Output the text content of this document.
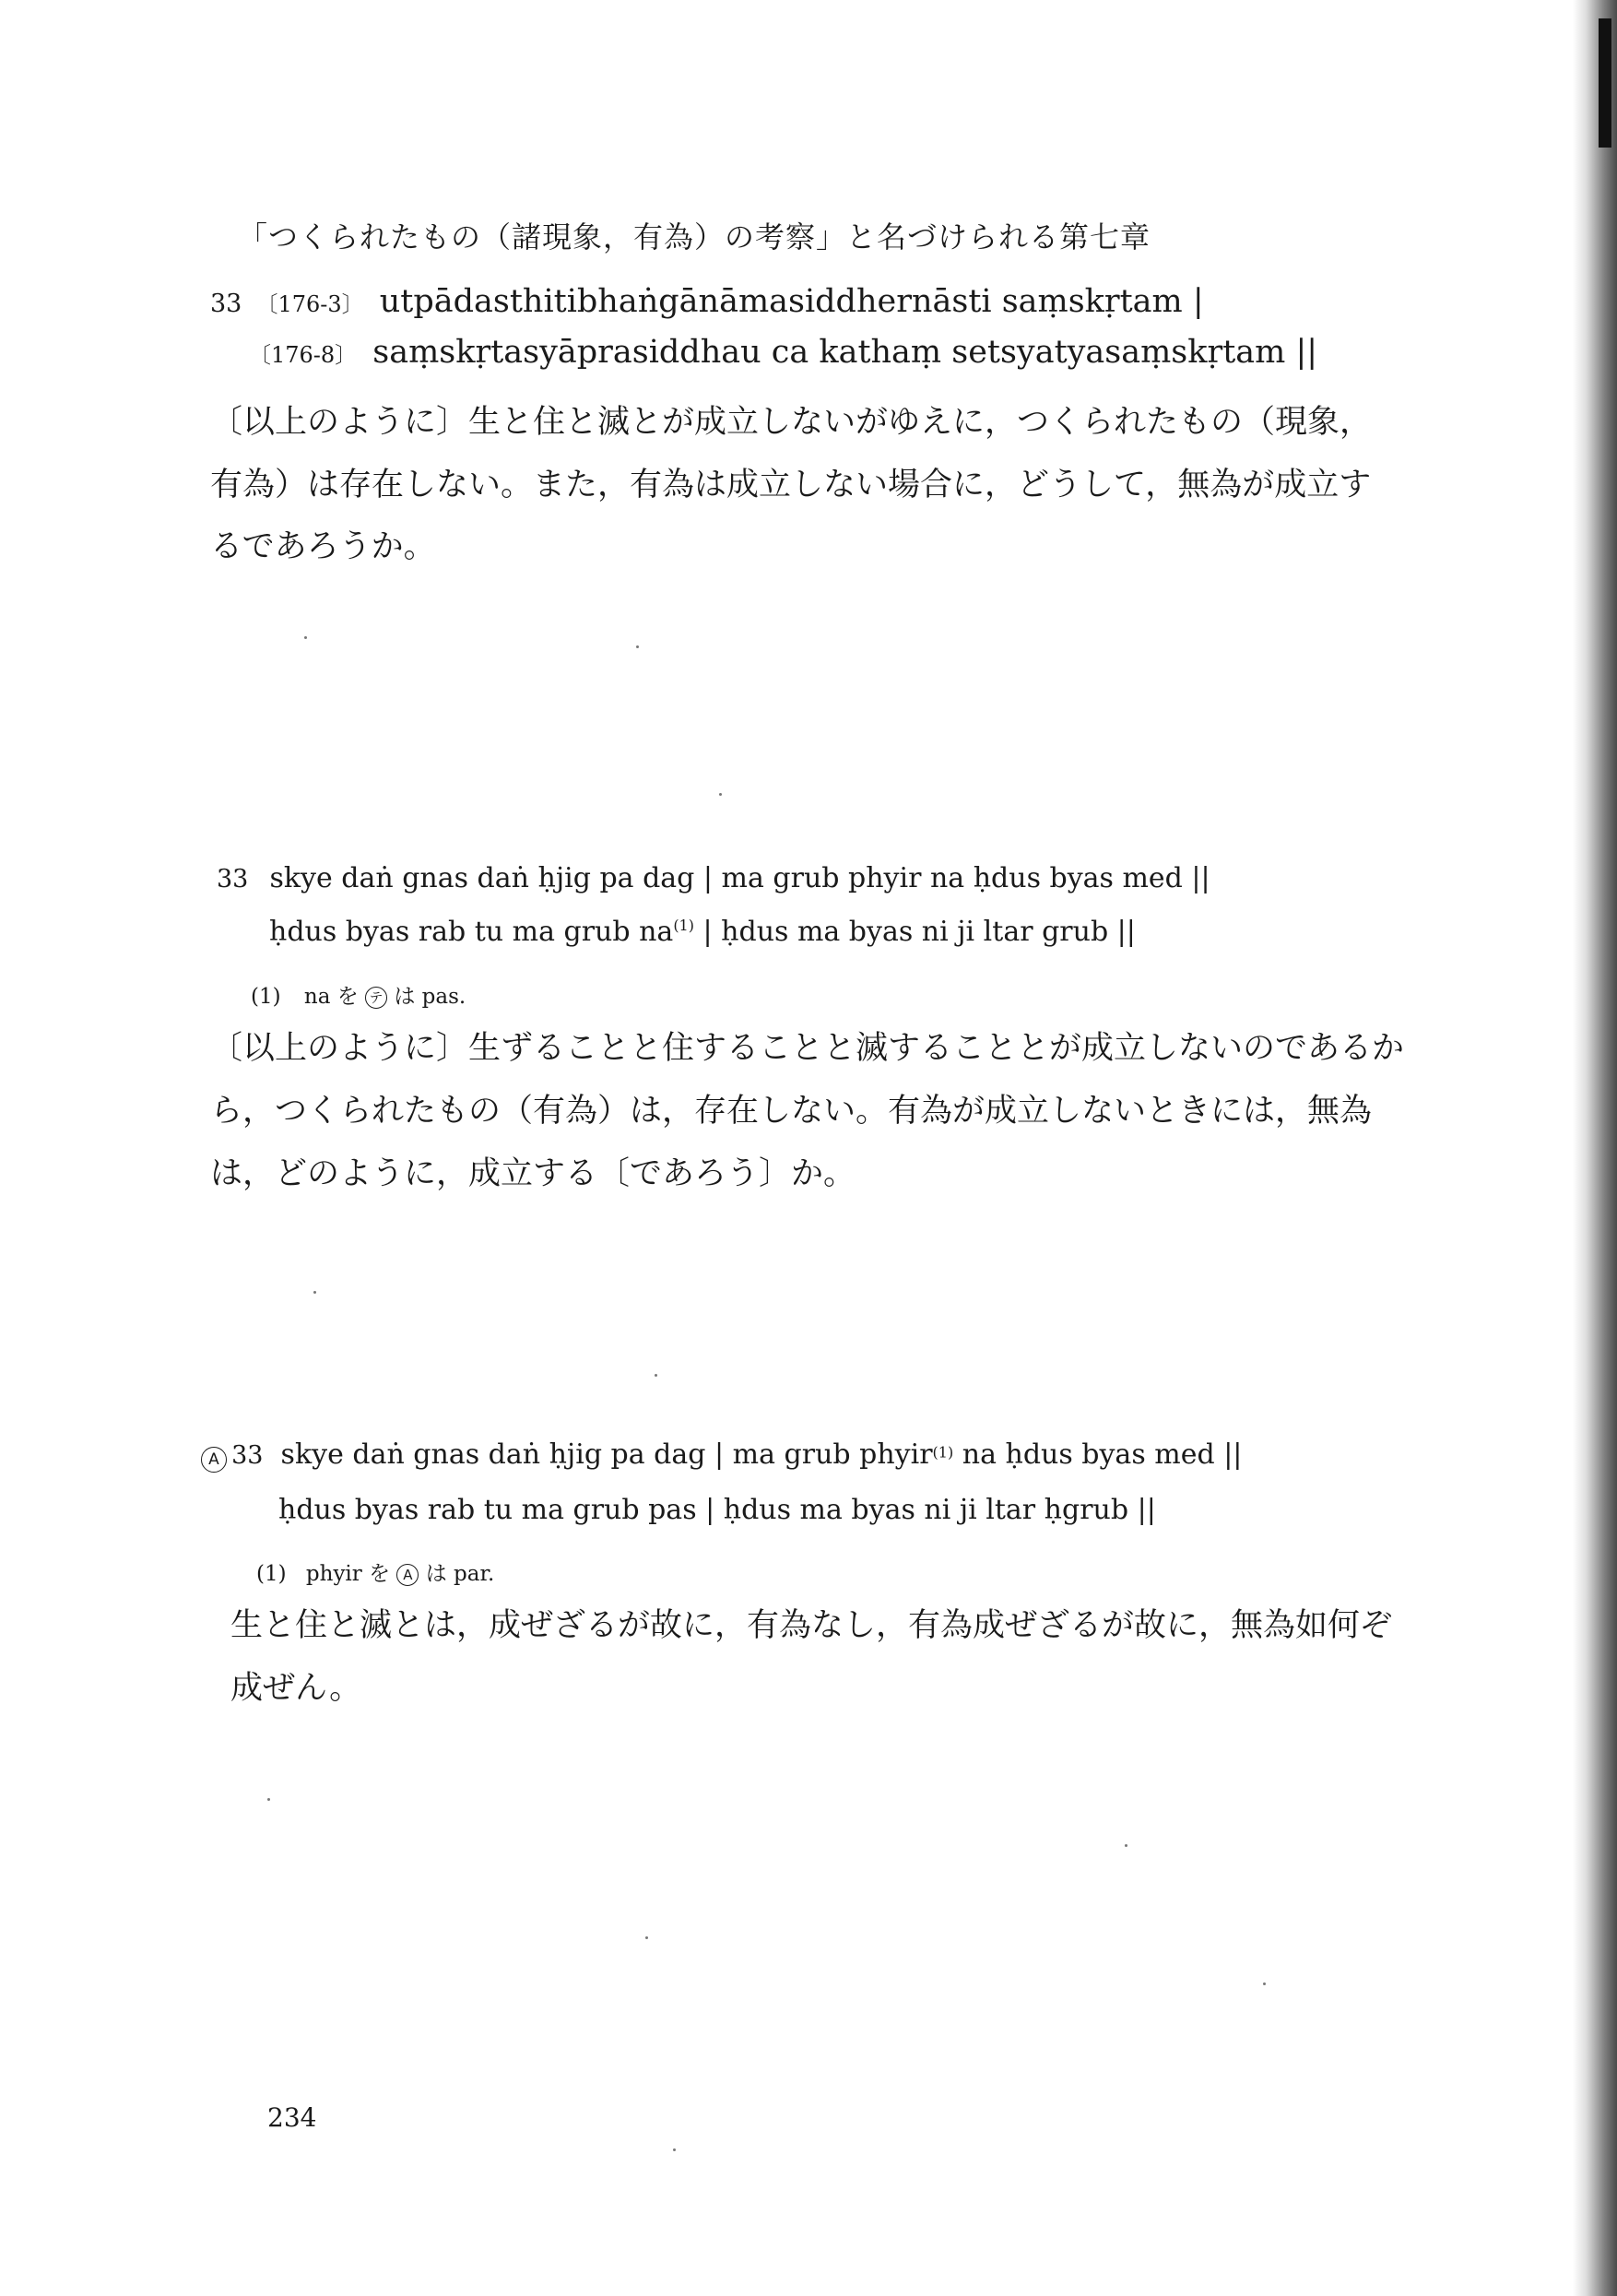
「つくられたもの（諸現象，有為）の考察」と名づけられる第七章
33 〔176-3〕 utpādasthitibhaṅgānāmasiddhernāsti saṃskṛtam |
〔176-8〕 saṃskṛtasyāprasiddhau ca kathaṃ setsyatyasaṃskṛtam ||
〔以上のように〕生と住と滅とが成立しないがゆえに，つくられたもの（現象，
有為）は存在しない。また，有為は成立しない場合に，どうして，無為が成立す
るであろうか。
33 skye daṅ gnas daṅ ḥjig pa dag | ma grub phyir na ḥdus byas med ||
ḥdus byas rab tu ma grub $na^{(1)}$ | ḥdus ma byas ni ji ltar grub ||
(1) na を テ は pas.
〔以上のように〕生ずることと住することと滅することとが成立しないのであるか
ら，つくられたもの（有為）は，存在しない。有為が成立しないときには，無為
は，どのように，成立する〔であろう〕か。
A 33 skye daṅ gnas daṅ ḥjig pa dag | ma grub phyir$^{(1)}$ na ḥdus byas med ||
ḥdus byas rab tu ma grub pas | ḥdus ma byas ni ji ltar ḥgrub ||
(1) phyir を A は par.
生と住と滅とは，成ぜざるが故に，有為なし，有為成ぜざるが故に，無為如何ぞ
成ぜん。
234
